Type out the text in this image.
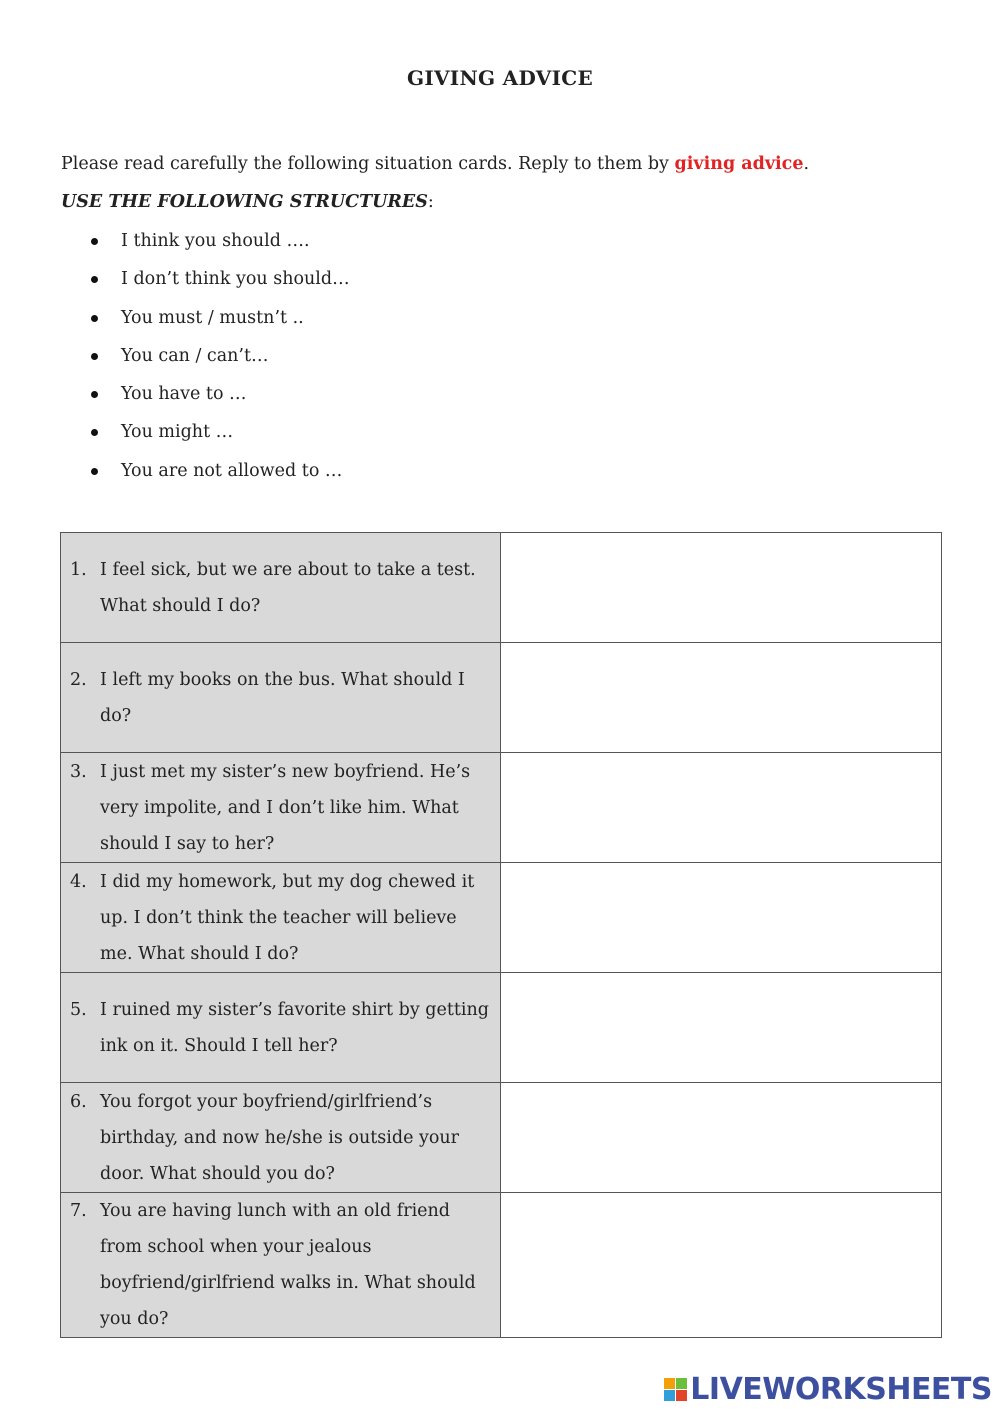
GIVING ADVICE
Please read carefully the following situation cards. Reply to them by giving advice.
USE THE FOLLOWING STRUCTURES:
I think you should ….
I don’t think you should…
You must / mustn’t ..
You can / can’t…
You have to …
You might …
You are not allowed to …
1. I feel sick, but we are about to take a test. What should I do?

2. I left my books on the bus. What should I do?

3. I just met my sister’s new boyfriend. He’s very impolite, and I don’t like him. What should I say to her?

4. I did my homework, but my dog chewed it up. I don’t think the teacher will believe me. What should I do?

5. I ruined my sister’s favorite shirt by getting ink on it. Should I tell her?

6. You forgot your boyfriend/girlfriend’s birthday, and now he/she is outside your door. What should you do?

7. You are having lunch with an old friend from school when your jealous boyfriend/girlfriend walks in. What should you do?

LIVEWORKSHEETS
